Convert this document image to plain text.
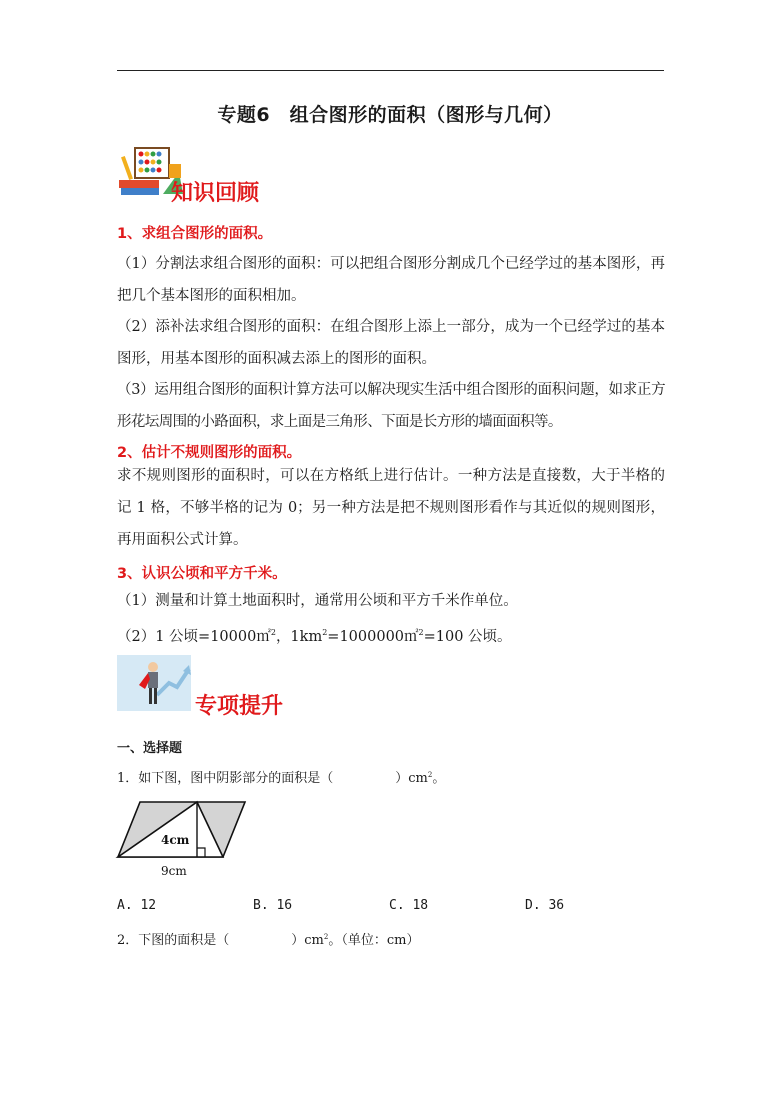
专题6　组合图形的面积（图形与几何）
知识回顾
1、求组合图形的面积。
（1）分割法求组合图形的面积：可以把组合图形分割成几个已经学过的基本图形，再把几个基本图形的面积相加。
（2）添补法求组合图形的面积：在组合图形上添上一部分，成为一个已经学过的基本图形，用基本图形的面积减去添上的图形的面积。
（3）运用组合图形的面积计算方法可以解决现实生活中组合图形的面积问题，如求正方形花坛周围的小路面积，求上面是三角形、下面是长方形的墙面面积等。
2、估计不规则图形的面积。
求不规则图形的面积时，可以在方格纸上进行估计。一种方法是直接数，大于半格的记 1 格，不够半格的记为 0；另一种方法是把不规则图形看作与其近似的规则图形，再用面积公式计算。
3、认识公顷和平方千米。
（1）测量和计算土地面积时，通常用公顷和平方千米作单位。
（2）1 公顷=10000㎡$^2$，$1km^2=1000000㎡^2=100$ 公顷。
专项提升
一、选择题
1．如下图，图中阴影部分的面积是（	）$cm^2$。
4cm
9cm
A. 12	B. 16	C. 18	D. 36
2．下图的面积是（	）$cm^2$。（单位：cm）
